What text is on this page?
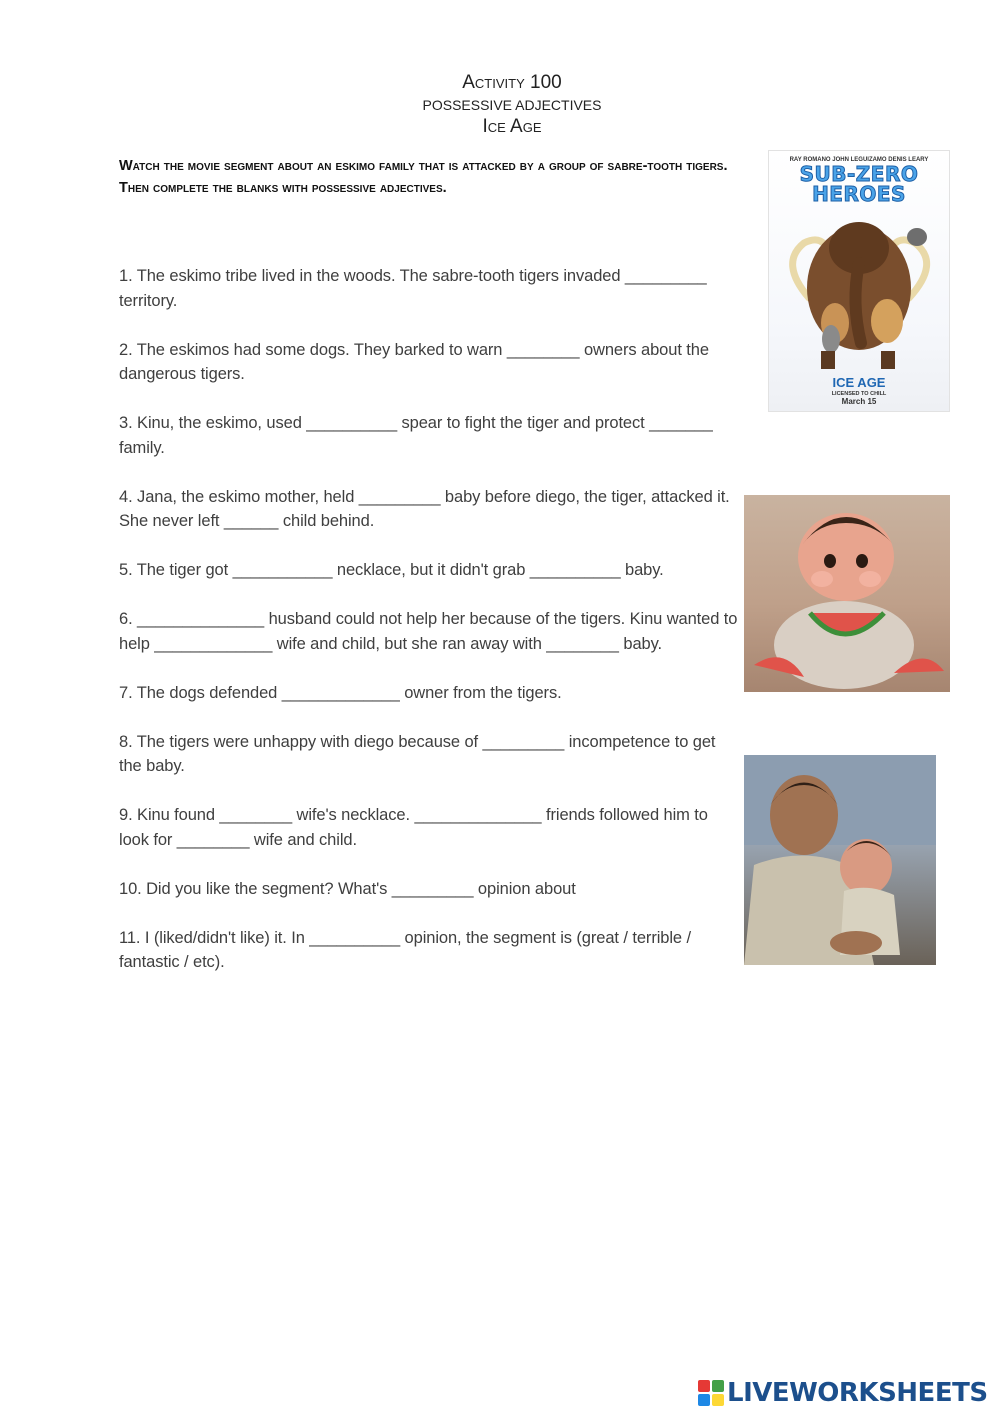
Activity 100
POSSESSIVE ADJECTIVES
Ice Age
Watch the movie segment about an eskimo family that is attacked by a group of sabre-tooth tigers. Then complete the blanks with possessive adjectives.

1. The eskimo tribe lived in the woods. The sabre-tooth tigers invaded _________ territory.

2. The eskimos had some dogs. They barked to warn ________ owners about the dangerous tigers.

3. Kinu, the eskimo, used __________ spear to fight the tiger and protect _______ family.

4. Jana, the eskimo mother, held _________ baby before diego, the tiger, attacked it. She never left ______ child behind.

5. The tiger got ___________ necklace, but it didn't grab __________ baby.

6. ______________ husband could not help her because of the tigers. Kinu wanted to help _____________ wife and child, but she ran away with ________ baby.

7. The dogs defended _____________ owner from the tigers.

8. The tigers were unhappy with diego because of _________ incompetence to get the baby.

9. Kinu found ________ wife's necklace. ______________ friends followed him to look for ________ wife and child.

10. Did you like the segment? What's _________ opinion about

11. I (liked/didn't like) it. In __________ opinion, the segment is (great / terrible / fantastic / etc).

RAY ROMANO JOHN LEGUIZAMO DENIS LEARY
SUB-ZERO
HEROES
ICE AGE
LICENSED TO CHILL
March 15
LIVEWORKSHEETS
